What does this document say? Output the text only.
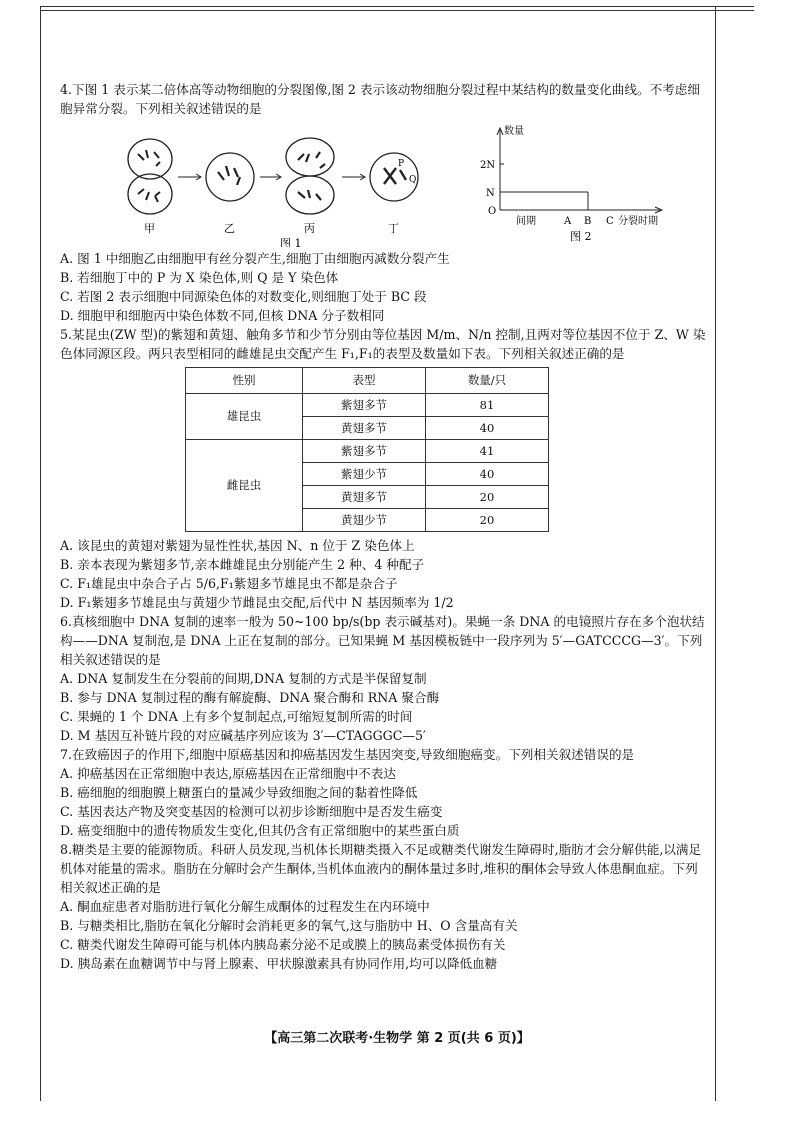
4.下图 1 表示某二倍体高等动物细胞的分裂图像,图 2 表示该动物细胞分裂过程中某结构的数量变化曲线。不考虑细胞异常分裂。下列相关叙述错误的是

P
Q
甲	乙	丙	丁
图 1
数量
2N
N
O
间期	A B C 分裂时期
图 2
A. 图 1 中细胞乙由细胞甲有丝分裂产生,细胞丁由细胞丙减数分裂产生
B. 若细胞丁中的 P 为 X 染色体,则 Q 是 Y 染色体
C. 若图 2 表示细胞中同源染色体的对数变化,则细胞丁处于 BC 段
D. 细胞甲和细胞丙中染色体数不同,但核 DNA 分子数相同

5.某昆虫(ZW 型)的紫翅和黄翅、触角多节和少节分别由等位基因 M/m、N/n 控制,且两对等位基因不位于 Z、W 染色体同源区段。两只表型相同的雌雄昆虫交配产生 F₁,F₁的表型及数量如下表。下列相关叙述正确的是

性别	表型	数量/只
雄昆虫	紫翅多节	81
	黄翅多节	40
雌昆虫	紫翅多节	41
	紫翅少节	40
	黄翅多节	20
	黄翅少节	20
A. 该昆虫的黄翅对紫翅为显性性状,基因 N、n 位于 Z 染色体上
B. 亲本表现为紫翅多节,亲本雌雄昆虫分别能产生 2 种、4 种配子
C. F₁雄昆虫中杂合子占 5/6,F₁紫翅多节雄昆虫不都是杂合子
D. F₁紫翅多节雄昆虫与黄翅少节雌昆虫交配,后代中 N 基因频率为 1/2

6.真核细胞中 DNA 复制的速率一般为 50~100 bp/s(bp 表示碱基对)。果蝇一条 DNA 的电镜照片存在多个泡状结构——DNA 复制泡,是 DNA 上正在复制的部分。已知果蝇 M 基因模板链中一段序列为 5′—GATCCCG—3′。下列相关叙述错误的是

A. DNA 复制发生在分裂前的间期,DNA 复制的方式是半保留复制
B. 参与 DNA 复制过程的酶有解旋酶、DNA 聚合酶和 RNA 聚合酶
C. 果蝇的 1 个 DNA 上有多个复制起点,可缩短复制所需的时间
D. M 基因互补链片段的对应碱基序列应该为 3′—CTAGGGC—5′

7.在致癌因子的作用下,细胞中原癌基因和抑癌基因发生基因突变,导致细胞癌变。下列相关叙述错误的是

A. 抑癌基因在正常细胞中表达,原癌基因在正常细胞中不表达
B. 癌细胞的细胞膜上糖蛋白的量减少导致细胞之间的黏着性降低
C. 基因表达产物及突变基因的检测可以初步诊断细胞中是否发生癌变
D. 癌变细胞中的遗传物质发生变化,但其仍含有正常细胞中的某些蛋白质

8.糖类是主要的能源物质。科研人员发现,当机体长期糖类摄入不足或糖类代谢发生障碍时,脂肪才会分解供能,以满足机体对能量的需求。脂肪在分解时会产生酮体,当机体血液内的酮体量过多时,堆积的酮体会导致人体患酮血症。下列相关叙述正确的是

A. 酮血症患者对脂肪进行氧化分解生成酮体的过程发生在内环境中
B. 与糖类相比,脂肪在氧化分解时会消耗更多的氧气,这与脂肪中 H、O 含量高有关
C. 糖类代谢发生障碍可能与机体内胰岛素分泌不足或膜上的胰岛素受体损伤有关
D. 胰岛素在血糖调节中与肾上腺素、甲状腺激素具有协同作用,均可以降低血糖
【高三第二次联考·生物学 第 2 页(共 6 页)】
